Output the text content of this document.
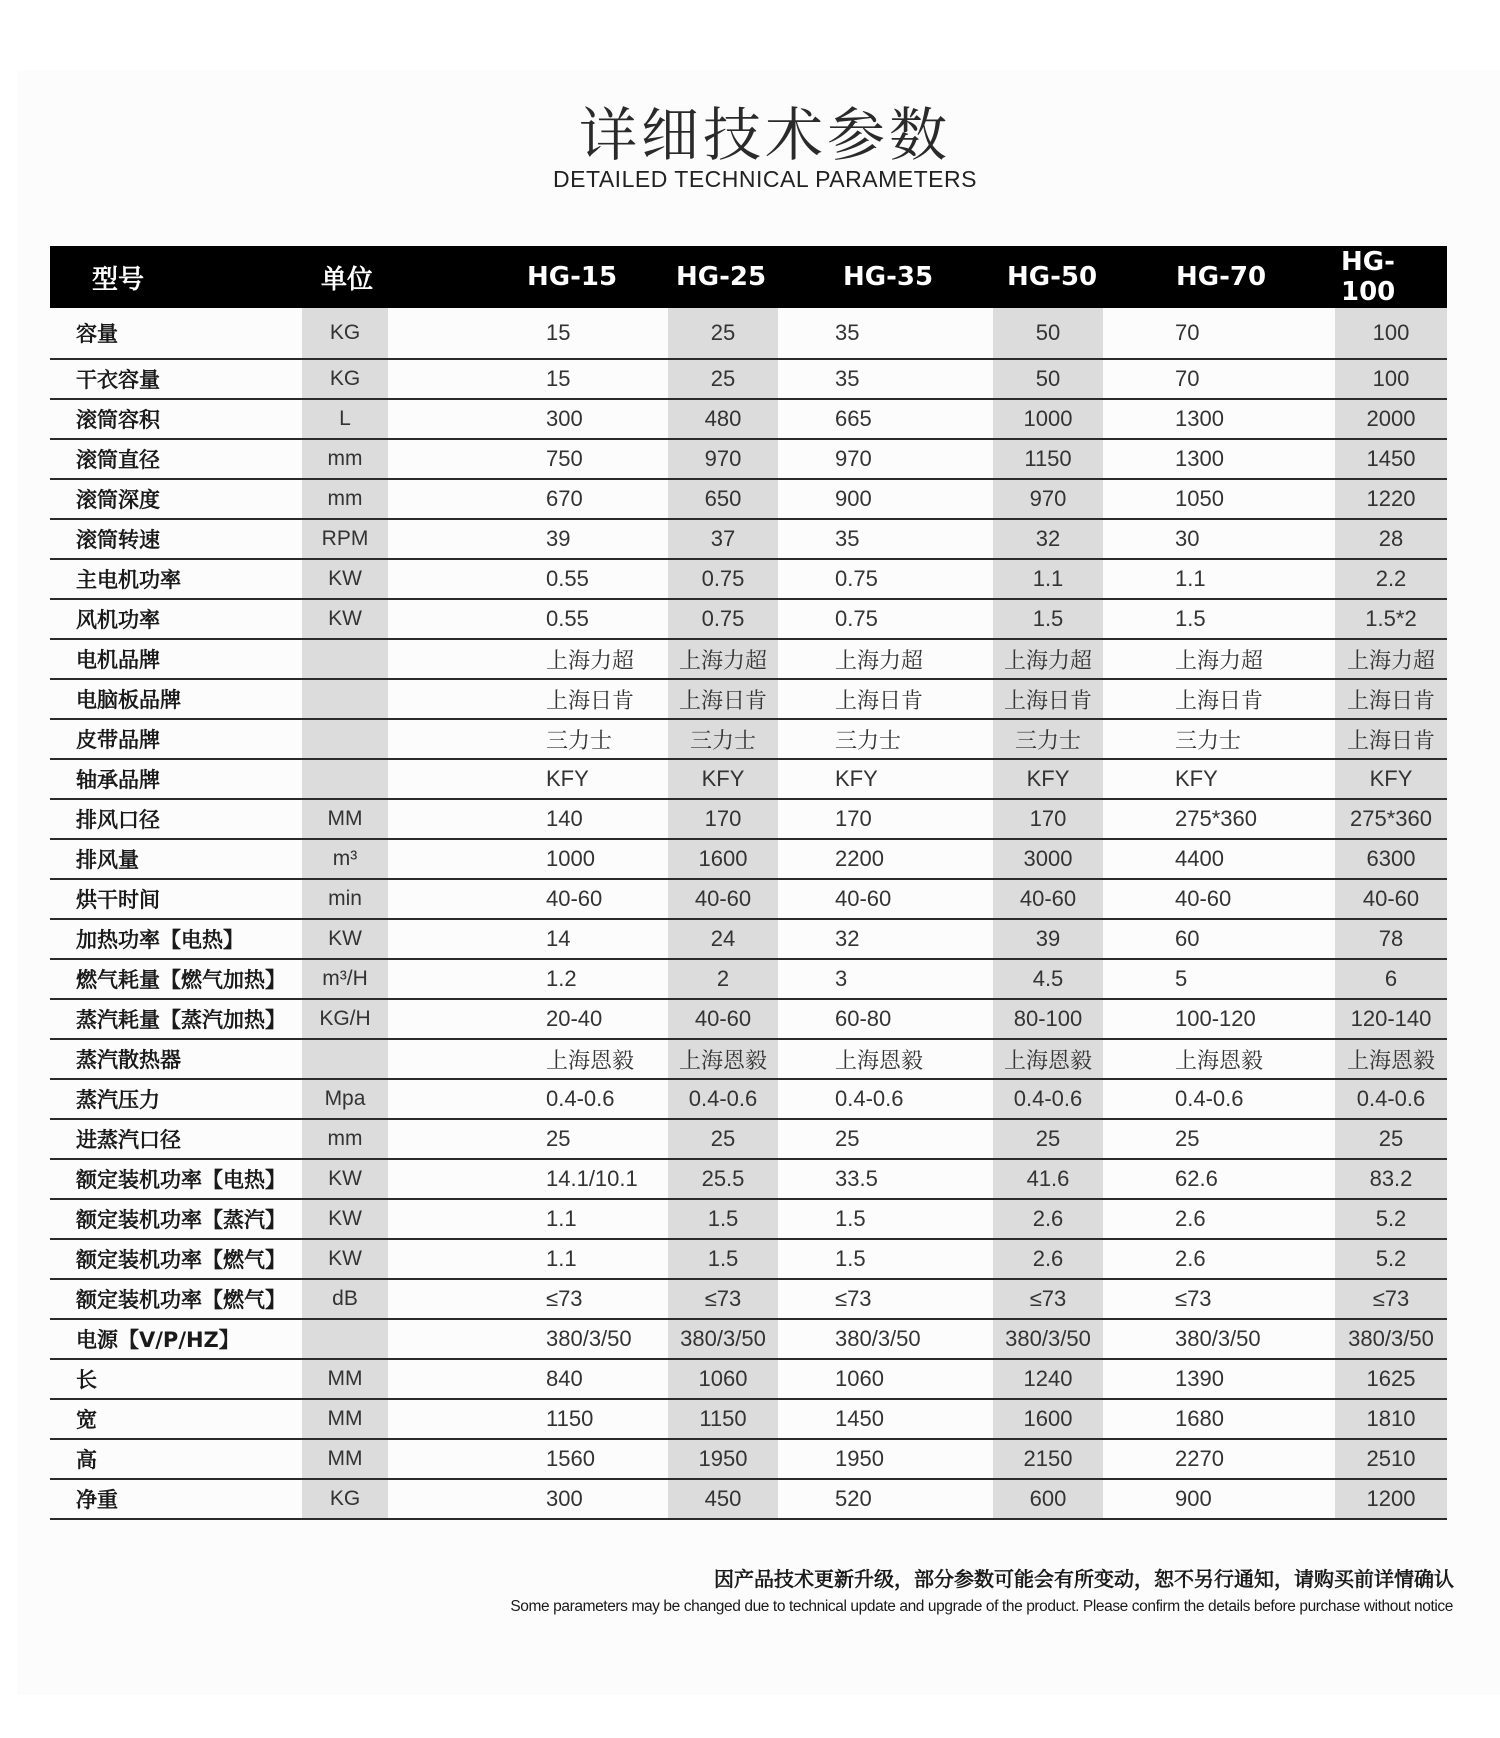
详细技术参数
DETAILED TECHNICAL PARAMETERS
型号	单位	HG-15	HG-25	HG-35	HG-50	HG-70	HG-100
容量	KG	15	25	35	50	70	100
干衣容量	KG	15	25	35	50	70	100
滚筒容积	L	300	480	665	1000	1300	2000
滚筒直径	mm	750	970	970	1150	1300	1450
滚筒深度	mm	670	650	900	970	1050	1220
滚筒转速	RPM	39	37	35	32	30	28
主电机功率	KW	0.55	0.75	0.75	1.1	1.1	2.2
风机功率	KW	0.55	0.75	0.75	1.5	1.5	1.5*2
电机品牌		上海力超	上海力超	上海力超	上海力超	上海力超	上海力超
电脑板品牌		上海日肯	上海日肯	上海日肯	上海日肯	上海日肯	上海日肯
皮带品牌		三力士	三力士	三力士	三力士	三力士	上海日肯
轴承品牌		KFY	KFY	KFY	KFY	KFY	KFY
排风口径	MM	140	170	170	170	275*360	275*360
排风量	m³	1000	1600	2200	3000	4400	6300
烘干时间	min	40-60	40-60	40-60	40-60	40-60	40-60
加热功率【电热】	KW	14	24	32	39	60	78
燃气耗量【燃气加热】	m³/H	1.2	2	3	4.5	5	6
蒸汽耗量【蒸汽加热】	KG/H	20-40	40-60	60-80	80-100	100-120	120-140
蒸汽散热器		上海恩毅	上海恩毅	上海恩毅	上海恩毅	上海恩毅	上海恩毅
蒸汽压力	Mpa	0.4-0.6	0.4-0.6	0.4-0.6	0.4-0.6	0.4-0.6	0.4-0.6
进蒸汽口径	mm	25	25	25	25	25	25
额定装机功率【电热】	KW	14.1/10.1	25.5	33.5	41.6	62.6	83.2
额定装机功率【蒸汽】	KW	1.1	1.5	1.5	2.6	2.6	5.2
额定装机功率【燃气】	KW	1.1	1.5	1.5	2.6	2.6	5.2
额定装机功率【燃气】	dB	≤73	≤73	≤73	≤73	≤73	≤73
电源【V/P/HZ】		380/3/50	380/3/50	380/3/50	380/3/50	380/3/50	380/3/50
长	MM	840	1060	1060	1240	1390	1625
宽	MM	1150	1150	1450	1600	1680	1810
高	MM	1560	1950	1950	2150	2270	2510
净重	KG	300	450	520	600	900	1200
因产品技术更新升级，部分参数可能会有所变动，恕不另行通知，请购买前详情确认
Some parameters may be changed due to technical update and upgrade of the product. Please confirm the details before purchase without notice
